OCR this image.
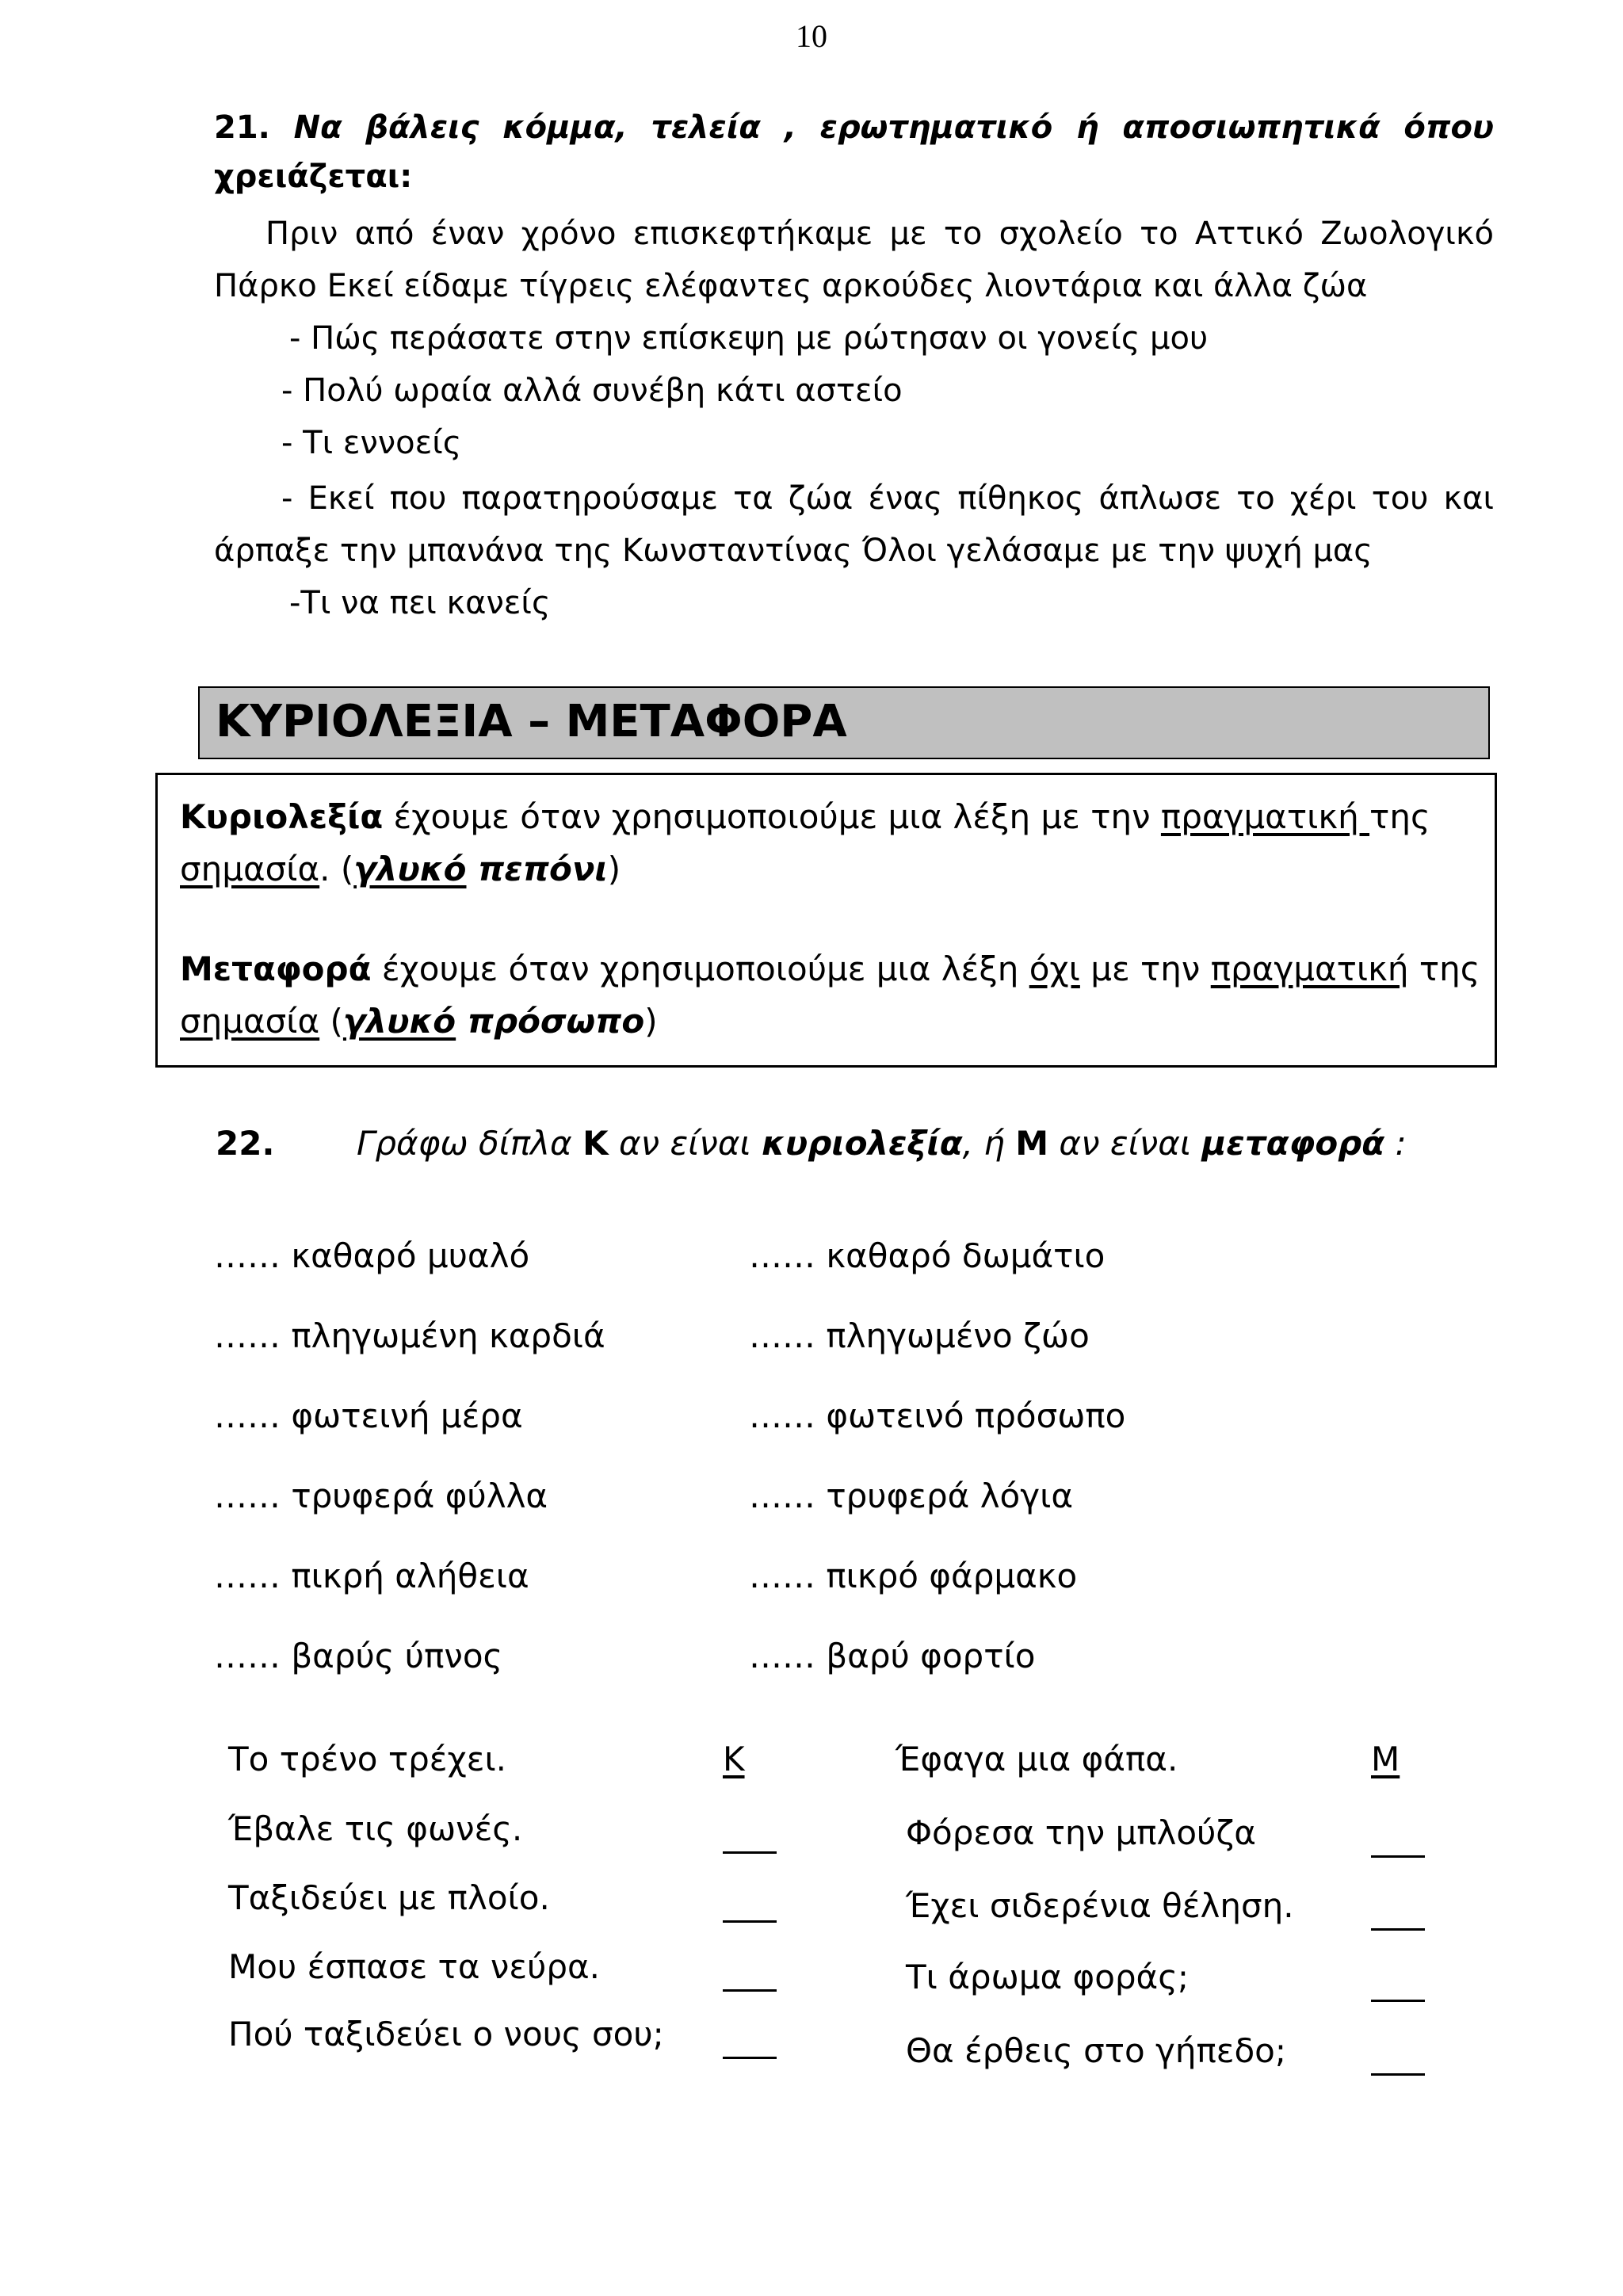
10
21. Να βάλεις κόμμα, τελεία , ερωτηματικό ή αποσιωπητικά όπου
χρειάζεται:
Πριν από έναν χρόνο επισκεφτήκαμε με το σχολείο το Αττικό Ζωολογικό
Πάρκο Εκεί είδαμε τίγρεις ελέφαντες αρκούδες λιοντάρια και άλλα ζώα
- Πώς περάσατε στην επίσκεψη με ρώτησαν οι γονείς μου
- Πολύ ωραία αλλά συνέβη κάτι αστείο
- Τι εννοείς
- Εκεί που παρατηρούσαμε τα ζώα ένας πίθηκος άπλωσε το χέρι του και
άρπαξε την μπανάνα της Κωνσταντίνας Όλοι γελάσαμε με την ψυχή μας
-Τι να πει κανείς
ΚΥΡΙΟΛΕΞΙΑ – ΜΕΤΑΦΟΡΑ
Κυριολεξία έχουμε όταν χρησιμοποιούμε μια λέξη με την πραγματική της
σημασία. (γλυκό πεπόνι)
Μεταφορά έχουμε όταν χρησιμοποιούμε μια λέξη όχι με την πραγματική της
σημασία (γλυκό πρόσωπο)
22. Γράφω δίπλα Κ αν είναι κυριολεξία, ή Μ αν είναι μεταφορά :
…… καθαρό μυαλό
…… πληγωμένη καρδιά
…… φωτεινή μέρα
…… τρυφερά φύλλα
…… πικρή αλήθεια
…… βαρύς ύπνος
…… καθαρό δωμάτιο
…… πληγωμένο ζώο
…… φωτεινό πρόσωπο
…… τρυφερά λόγια
…… πικρό φάρμακο
…… βαρύ φορτίο
Το τρένο τρέχει.	Κ
Έβαλε τις φωνές.
Ταξιδεύει με πλοίο.
Μου έσπασε τα νεύρα.
Πού ταξιδεύει ο νους σου;
Έφαγα μια φάπα.	Μ
Φόρεσα την μπλούζα
Έχει σιδερένια θέληση.
Τι άρωμα φοράς;
Θα έρθεις στο γήπεδο;
